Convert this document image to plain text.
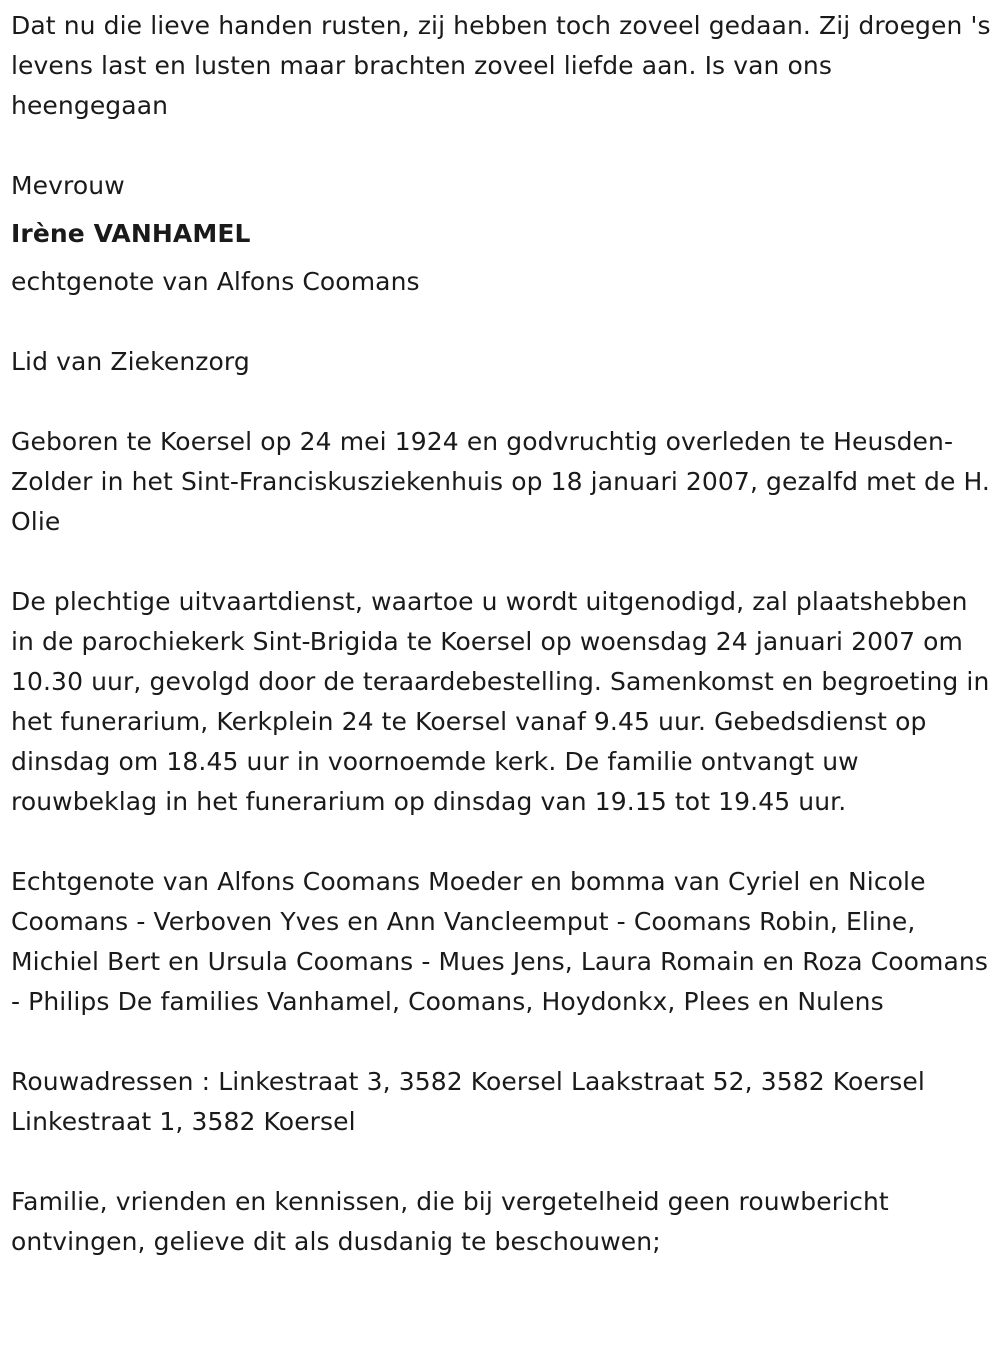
Dat nu die lieve handen rusten, zij hebben toch zoveel gedaan. Zij droegen 's levens last en lusten maar brachten zoveel liefde aan. Is van ons heengegaan

Mevrouw

Irène VANHAMEL

echtgenote van Alfons Coomans

Lid van Ziekenzorg

Geboren te Koersel op 24 mei 1924 en godvruchtig overleden te Heusden-Zolder in het Sint-Franciskusziekenhuis op 18 januari 2007, gezalfd met de H. Olie

De plechtige uitvaartdienst, waartoe u wordt uitgenodigd, zal plaatshebben in de parochiekerk Sint-Brigida te Koersel op woensdag 24 januari 2007 om 10.30 uur, gevolgd door de teraardebestelling. Samenkomst en begroeting in het funerarium, Kerkplein 24 te Koersel vanaf 9.45 uur. Gebedsdienst op dinsdag om 18.45 uur in voornoemde kerk. De familie ontvangt uw rouwbeklag in het funerarium op dinsdag van 19.15 tot 19.45 uur.

Echtgenote van Alfons Coomans Moeder en bomma van Cyriel en Nicole Coomans - Verboven Yves en Ann Vancleemput - Coomans Robin, Eline, Michiel Bert en Ursula Coomans - Mues Jens, Laura Romain en Roza Coomans - Philips De families Vanhamel, Coomans, Hoydonkx, Plees en Nulens

Rouwadressen : Linkestraat 3, 3582 Koersel Laakstraat 52, 3582 Koersel Linkestraat 1, 3582 Koersel

Familie, vrienden en kennissen, die bij vergetelheid geen rouwbericht ontvingen, gelieve dit als dusdanig te beschouwen;
